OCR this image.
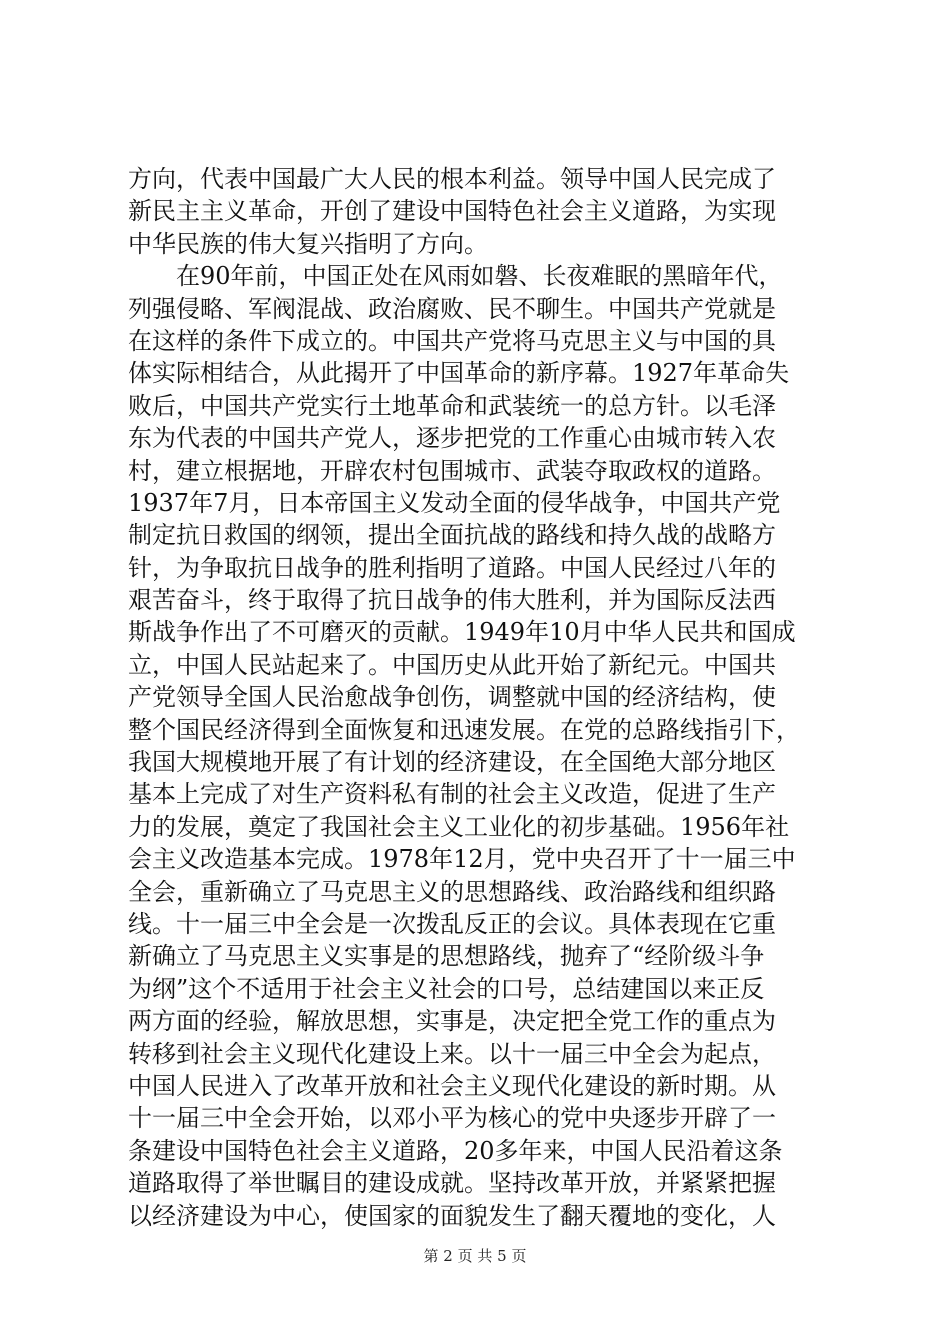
方向，代表中国最广大人民的根本利益。领导中国人民完成了
新民主主义革命，开创了建设中国特色社会主义道路，为实现
中华民族的伟大复兴指明了方向。
　　在90年前，中国正处在风雨如磐、长夜难眠的黑暗年代，
列强侵略、军阀混战、政治腐败、民不聊生。中国共产党就是
在这样的条件下成立的。中国共产党将马克思主义与中国的具
体实际相结合，从此揭开了中国革命的新序幕。1927年革命失
败后，中国共产党实行土地革命和武装统一的总方针。以毛泽
东为代表的中国共产党人，逐步把党的工作重心由城市转入农
村，建立根据地，开辟农村包围城市、武装夺取政权的道路。
1937年7月，日本帝国主义发动全面的侵华战争，中国共产党
制定抗日救国的纲领，提出全面抗战的路线和持久战的战略方
针，为争取抗日战争的胜利指明了道路。中国人民经过八年的
艰苦奋斗，终于取得了抗日战争的伟大胜利，并为国际反法西
斯战争作出了不可磨灭的贡献。1949年10月中华人民共和国成
立，中国人民站起来了。中国历史从此开始了新纪元。中国共
产党领导全国人民治愈战争创伤，调整就中国的经济结构，使
整个国民经济得到全面恢复和迅速发展。在党的总路线指引下，
我国大规模地开展了有计划的经济建设，在全国绝大部分地区
基本上完成了对生产资料私有制的社会主义改造，促进了生产
力的发展，奠定了我国社会主义工业化的初步基础。1956年社
会主义改造基本完成。1978年12月，党中央召开了十一届三中
全会，重新确立了马克思主义的思想路线、政治路线和组织路
线。十一届三中全会是一次拨乱反正的会议。具体表现在它重
新确立了马克思主义实事是的思想路线，抛弃了“经阶级斗争
为纲”这个不适用于社会主义社会的口号，总结建国以来正反
两方面的经验，解放思想，实事是，决定把全党工作的重点为
转移到社会主义现代化建设上来。以十一届三中全会为起点，
中国人民进入了改革开放和社会主义现代化建设的新时期。从
十一届三中全会开始，以邓小平为核心的党中央逐步开辟了一
条建设中国特色社会主义道路，20多年来，中国人民沿着这条
道路取得了举世瞩目的建设成就。坚持改革开放，并紧紧把握
以经济建设为中心，使国家的面貌发生了翻天覆地的变化，人
第 2 页 共 5 页
